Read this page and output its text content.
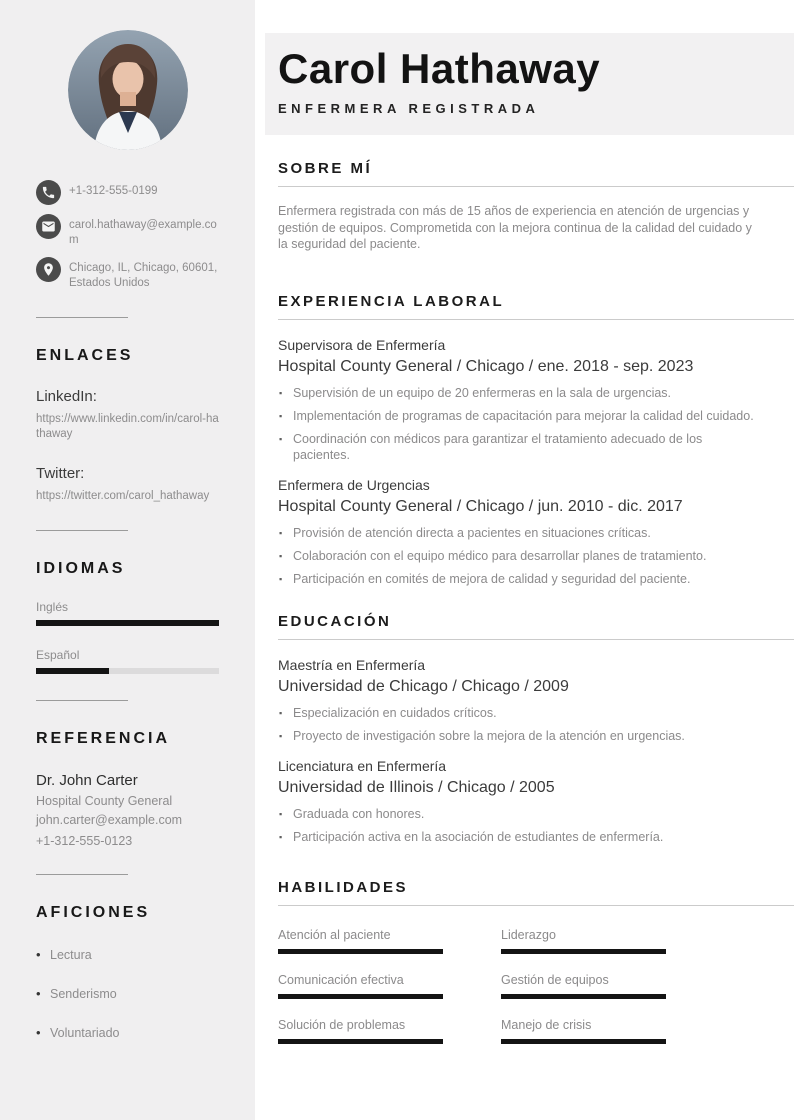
+1-312-555-0199
carol.hathaway@example.com
Chicago, IL, Chicago, 60601, Estados Unidos
ENLACES
LinkedIn:
https://www.linkedin.com/in/carol-hathaway
Twitter:
https://twitter.com/carol_hathaway
IDIOMAS
Inglés
Español
REFERENCIA
Dr. John Carter
Hospital County General
john.carter@example.com
+1-312-555-0123
AFICIONES
• Lectura
• Senderismo
• Voluntariado
Carol Hathaway
ENFERMERA REGISTRADA
SOBRE MÍ

Enfermera registrada con más de 15 años de experiencia en atención de urgencias y gestión de equipos. Comprometida con la mejora continua de la calidad del cuidado y la seguridad del paciente.

EXPERIENCIA LABORAL
Supervisora de Enfermería
Hospital County General / Chicago / ene. 2018 - sep. 2023
▪ Supervisión de un equipo de 20 enfermeras en la sala de urgencias.
▪ Implementación de programas de capacitación para mejorar la calidad del cuidado.
▪ Coordinación con médicos para garantizar el tratamiento adecuado de los pacientes.
Enfermera de Urgencias
Hospital County General / Chicago / jun. 2010 - dic. 2017
▪ Provisión de atención directa a pacientes en situaciones críticas.
▪ Colaboración con el equipo médico para desarrollar planes de tratamiento.
▪ Participación en comités de mejora de calidad y seguridad del paciente.
EDUCACIÓN
Maestría en Enfermería
Universidad de Chicago / Chicago / 2009
▪ Especialización en cuidados críticos.
▪ Proyecto de investigación sobre la mejora de la atención en urgencias.
Licenciatura en Enfermería
Universidad de Illinois / Chicago / 2005
▪ Graduada con honores.
▪ Participación activa en la asociación de estudiantes de enfermería.
HABILIDADES
Atención al paciente	Liderazgo
Comunicación efectiva	Gestión de equipos
Solución de problemas	Manejo de crisis
